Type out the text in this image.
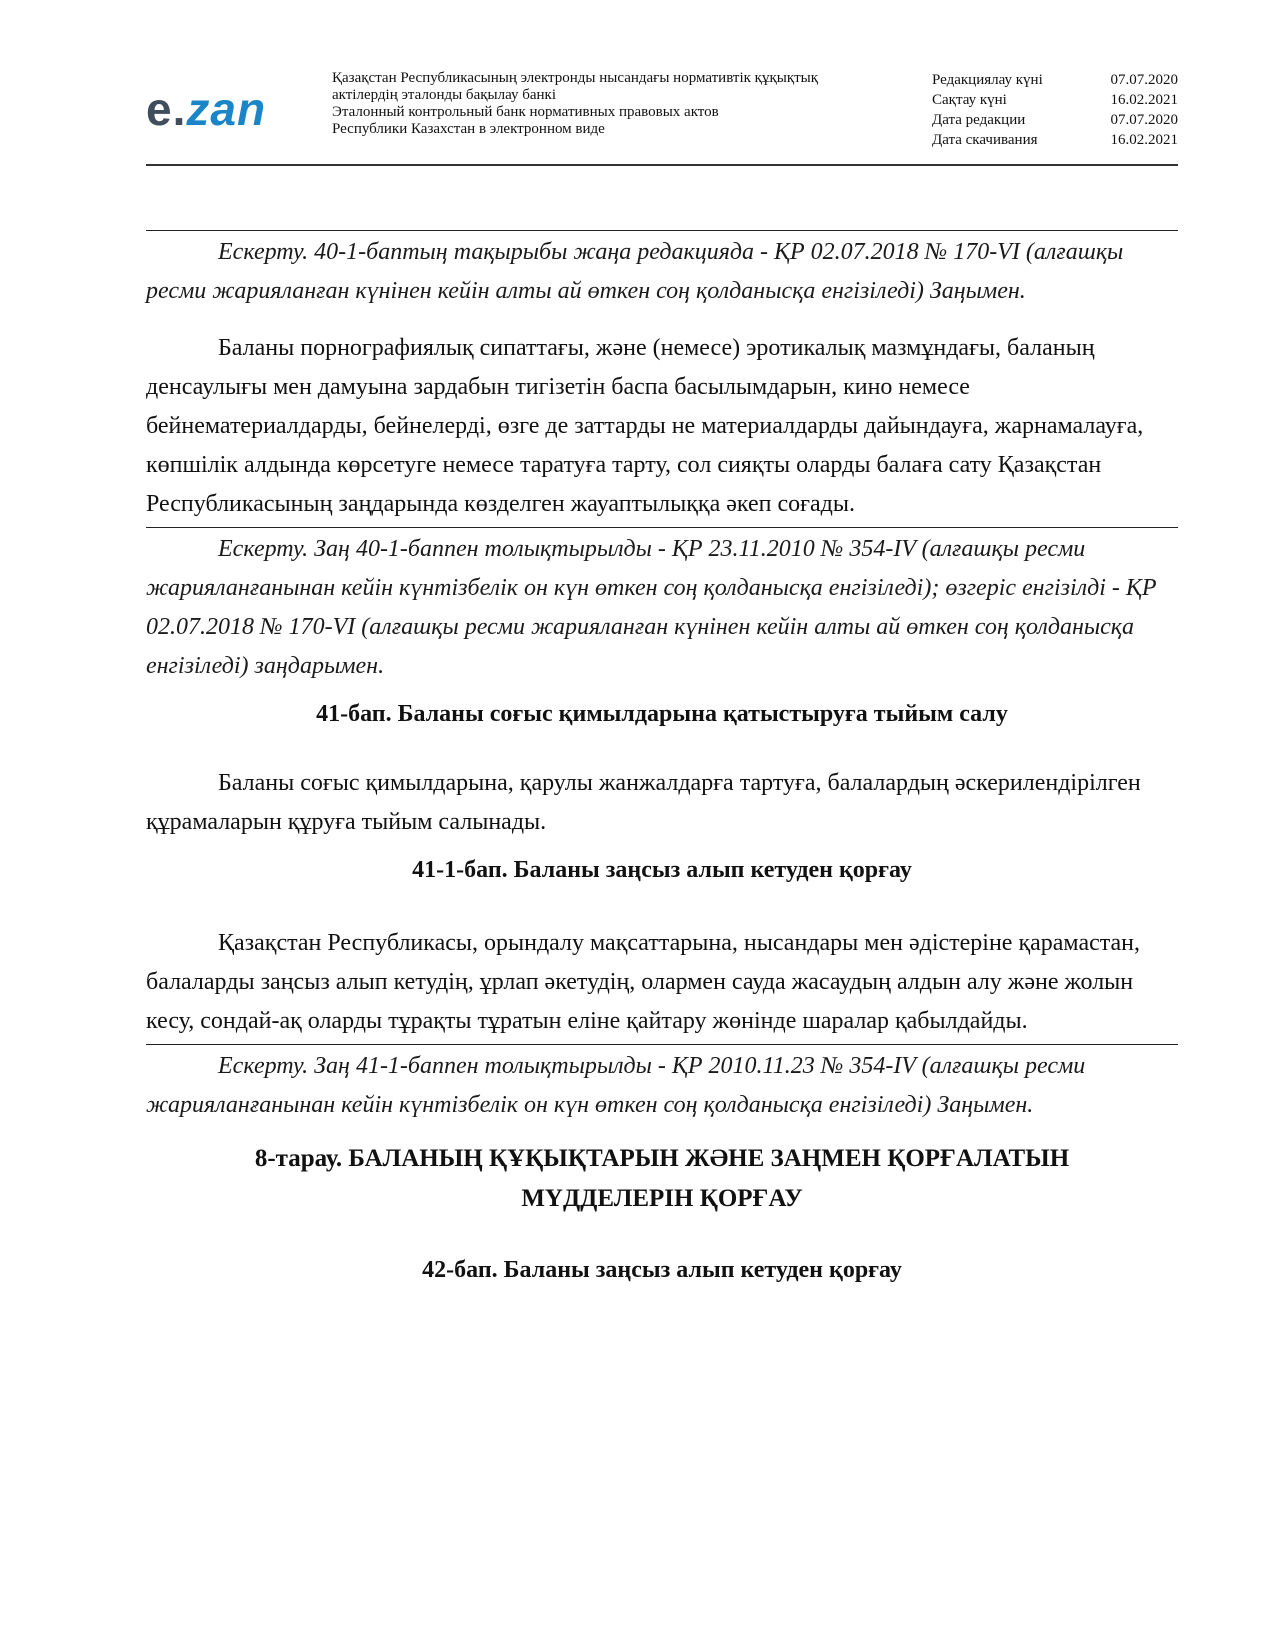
e.zan
Қазақстан Республикасының электронды нысандағы нормативтік құқықтық
актілердің эталонды бақылау банкі
Эталонный контрольный банк нормативных правовых актов
Республики Казахстан в электронном виде
Редакциялау күні	07.07.2020
Сақтау күні	16.02.2021
Дата редакции	07.07.2020
Дата скачивания	16.02.2021

Ескерту. 40-1-баптың тақырыбы жаңа редакцияда - ҚР 02.07.2018 № 170-VI (алғашқы ресми жарияланған күнінен кейін алты ай өткен соң қолданысқа енгізіледі) Заңымен.

Баланы порнографиялық сипаттағы, және (немесе) эротикалық мазмұндағы, баланың денсаулығы мен дамуына зардабын тигізетін баспа басылымдарын, кино немесе бейнематериалдарды, бейнелерді, өзге де заттарды не материалдарды дайындауға, жарнамалауға, көпшілік алдында көрсетуге немесе таратуға тарту, сол сияқты оларды балаға сату Қазақстан Республикасының заңдарында көзделген жауаптылыққа әкеп соғады.

Ескерту. Заң 40-1-баппен толықтырылды - ҚР 23.11.2010 № 354-IV (алғашқы ресми жарияланғанынан кейін күнтізбелік он күн өткен соң қолданысқа енгізіледі); өзгеріс енгізілді - ҚР 02.07.2018 № 170-VI (алғашқы ресми жарияланған күнінен кейін алты ай өткен соң қолданысқа енгізіледі) заңдарымен.

41-бап. Баланы соғыс қимылдарына қатыстыруға тыйым салу

Баланы соғыс қимылдарына, қарулы жанжалдарға тартуға, балалардың әскерилендірілген құрамаларын құруға тыйым салынады.

41-1-бап. Баланы заңсыз алып кетуден қорғау

Қазақстан Республикасы, орындалу мақсаттарына, нысандары мен әдістеріне қарамастан, балаларды заңсыз алып кетудің, ұрлап әкетудің, олармен сауда жасаудың алдын алу және жолын кесу, сондай-ақ оларды тұрақты тұратын еліне қайтару жөнінде шаралар қабылдайды.

Ескерту. Заң 41-1-баппен толықтырылды - ҚР 2010.11.23 № 354-IV (алғашқы ресми жарияланғанынан кейін күнтізбелік он күн өткен соң қолданысқа енгізіледі) Заңымен.

8-тарау. БАЛАНЫҢ ҚҰҚЫҚТАРЫН ЖӘНЕ ЗАҢМЕН ҚОРҒАЛАТЫН

МҮДДЕЛЕРІН ҚОРҒАУ

42-бап. Баланы заңсыз алып кетуден қорғау
